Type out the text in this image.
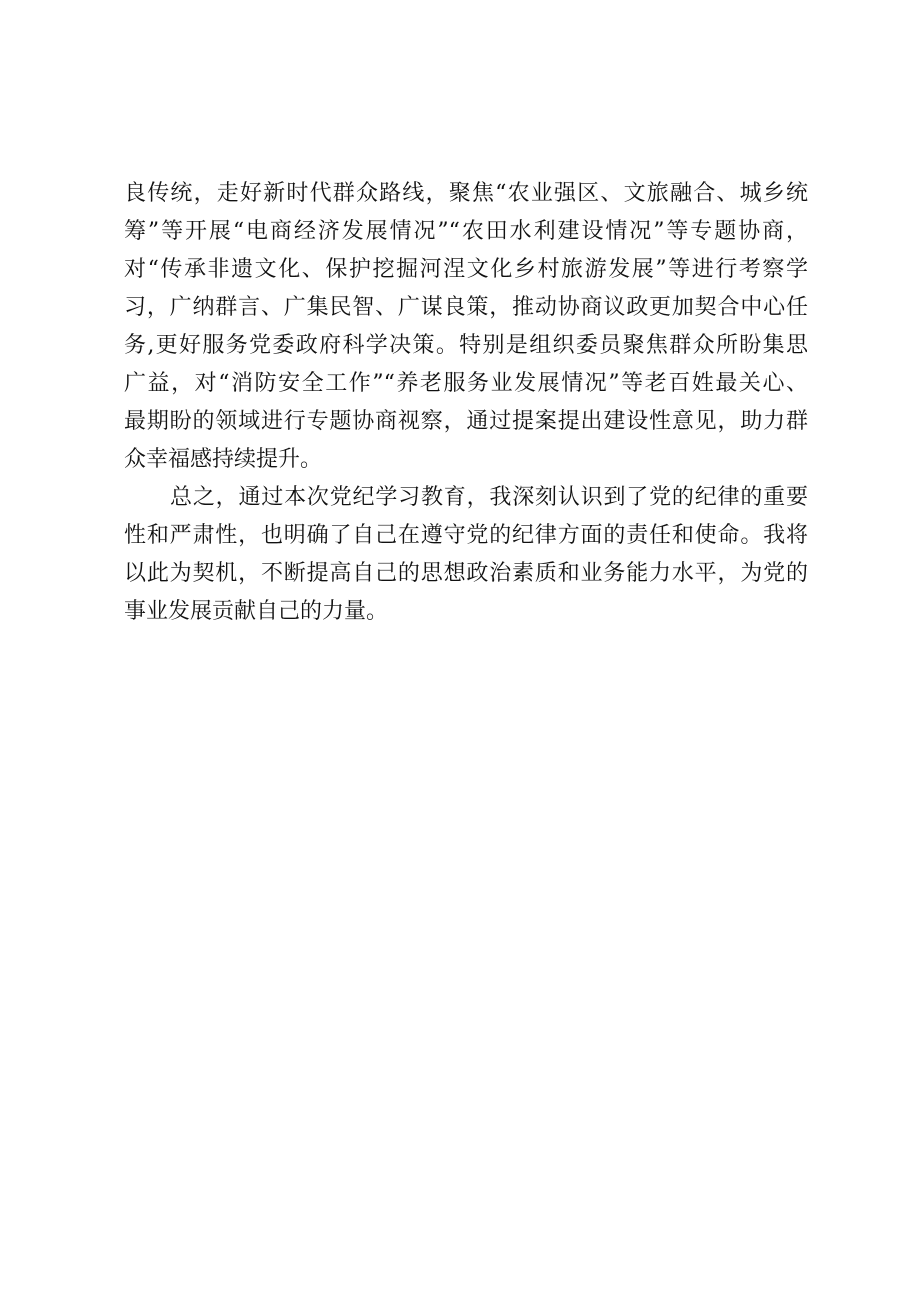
良传统，走好新时代群众路线，聚焦“农业强区、文旅融合、城乡统
筹”等开展“电商经济发展情况”“农田水利建设情况”等专题协商，
对“传承非遗文化、保护挖掘河涅文化乡村旅游发展”等进行考察学
习，广纳群言、广集民智、广谋良策，推动协商议政更加契合中心任
务,更好服务党委政府科学决策。特别是组织委员聚焦群众所盼集思
广益，对“消防安全工作”“养老服务业发展情况”等老百姓最关心、
最期盼的领域进行专题协商视察，通过提案提出建设性意见，助力群
众幸福感持续提升。
总之，通过本次党纪学习教育，我深刻认识到了党的纪律的重要
性和严肃性，也明确了自己在遵守党的纪律方面的责任和使命。我将
以此为契机，不断提高自己的思想政治素质和业务能力水平，为党的
事业发展贡献自己的力量。
